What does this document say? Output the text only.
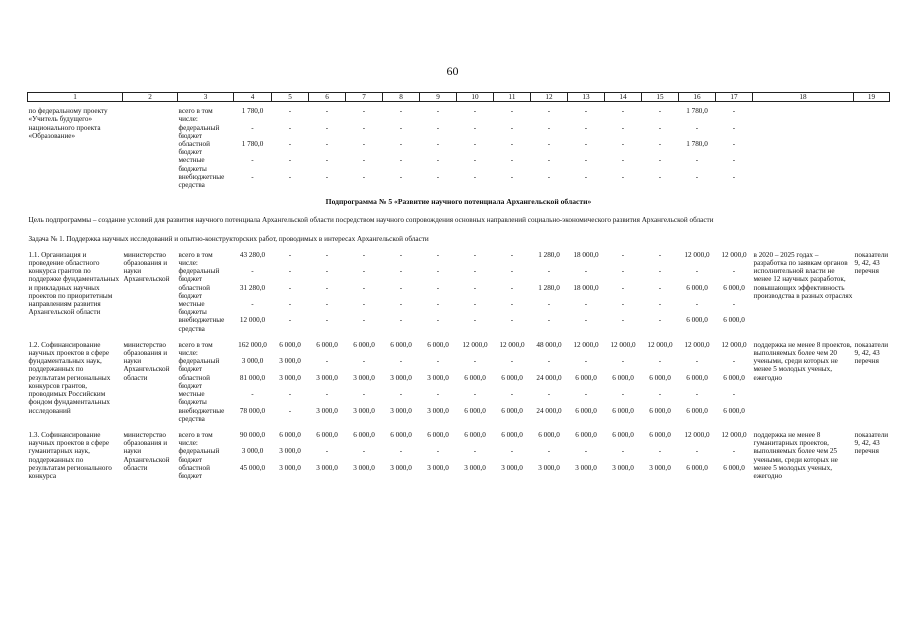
60
1	2	3	4	5	6	7	8	9	10	11	12	13	14	15	16	17	18	19

по федеральному проекту «Учитель будущего» национального проекта «Образование»		всего в том числе:	1 780,0	-	-	-	-	-	-	-	-	-	-	-	1 780,0	-		
		федеральный бюджет	-	-	-	-	-	-	-	-	-	-	-	-	-	-		
		областной бюджет	1 780,0	-	-	-	-	-	-	-	-	-	-	-	1 780,0	-		
		местные бюджеты	-	-	-	-	-	-	-	-	-	-	-	-	-	-		
		внебюджетные средства	-	-	-	-	-	-	-	-	-	-	-	-	-	-		

Подпрограмма № 5 «Развитие научного потенциала Архангельской области»																		
Цель подпрограммы – создание условий для развития научного потенциала Архангельской области посредством научного сопровождения основных направлений социально-экономического развития Архангельской области																		
Задача № 1. Поддержка научных исследований и опытно-конструкторских работ, проводимых в интересах Архангельской области																		

1.1. Организация и проведение областного конкурса грантов по поддержке фундаментальных и прикладных научных проектов по приоритетным направлениям развития Архангельской области	министерство образования и науки Архангельской	всего в том числе:	43 280,0	-	-	-	-	-	-	-	1 280,0	18 000,0	-	-	12 000,0	12 000,0	в 2020 – 2025 годах – разработка по заявкам органов исполнительной власти не менее 12 научных разработок, повышающих эффективность производства в разных отраслях	показатели 9, 42, 43 перечня
		федеральный бюджет	-	-	-	-	-	-	-	-	-	-	-	-	-	-		
		областной бюджет	31 280,0	-	-	-	-	-	-	-	1 280,0	18 000,0	-	-	6 000,0	6 000,0		
		местные бюджеты	-	-	-	-	-	-	-	-	-	-	-	-	-	-		
		внебюджетные средства	12 000,0	-	-	-	-	-	-	-	-	-	-	-	6 000,0	6 000,0		

1.2. Софинансирование научных проектов в сфере фундаментальных наук, поддержанных по результатам региональных конкурсов грантов, проводимых Российским фондом фундаментальных исследований	министерство образования и науки Архангельской области	всего в том числе:	162 000,0	6 000,0	6 000,0	6 000,0	6 000,0	6 000,0	12 000,0	12 000,0	48 000,0	12 000,0	12 000,0	12 000,0	12 000,0	12 000,0	поддержка не менее 8 проектов, выполняемых более чем 20 учеными, среди которых не менее 5 молодых ученых, ежегодно	показатели 9, 42, 43 перечня
		федеральный бюджет	3 000,0	3 000,0	-	-	-	-	-	-	-	-	-	-	-	-		
		областной бюджет	81 000,0	3 000,0	3 000,0	3 000,0	3 000,0	3 000,0	6 000,0	6 000,0	24 000,0	6 000,0	6 000,0	6 000,0	6 000,0	6 000,0		
		местные бюджеты	-	-	-	-	-	-	-	-	-	-	-	-	-	-		
		внебюджетные средства	78 000,0	-	3 000,0	3 000,0	3 000,0	3 000,0	6 000,0	6 000,0	24 000,0	6 000,0	6 000,0	6 000,0	6 000,0	6 000,0		

1.3. Софинансирование научных проектов в сфере гуманитарных наук, поддержанных по результатам регионального конкурса	министерство образования и науки Архангельской области	всего в том числе:	90 000,0	6 000,0	6 000,0	6 000,0	6 000,0	6 000,0	6 000,0	6 000,0	6 000,0	6 000,0	6 000,0	6 000,0	12 000,0	12 000,0	поддержка не менее 8 гуманитарных проектов, выполняемых более чем 25 учеными, среди которых не менее 5 молодых ученых, ежегодно	показатели 9, 42, 43 перечня
		федеральный бюджет	3 000,0	3 000,0	-	-	-	-	-	-	-	-	-	-	-	-		
		областной бюджет	45 000,0	3 000,0	3 000,0	3 000,0	3 000,0	3 000,0	3 000,0	3 000,0	3 000,0	3 000,0	3 000,0	3 000,0	6 000,0	6 000,0		
